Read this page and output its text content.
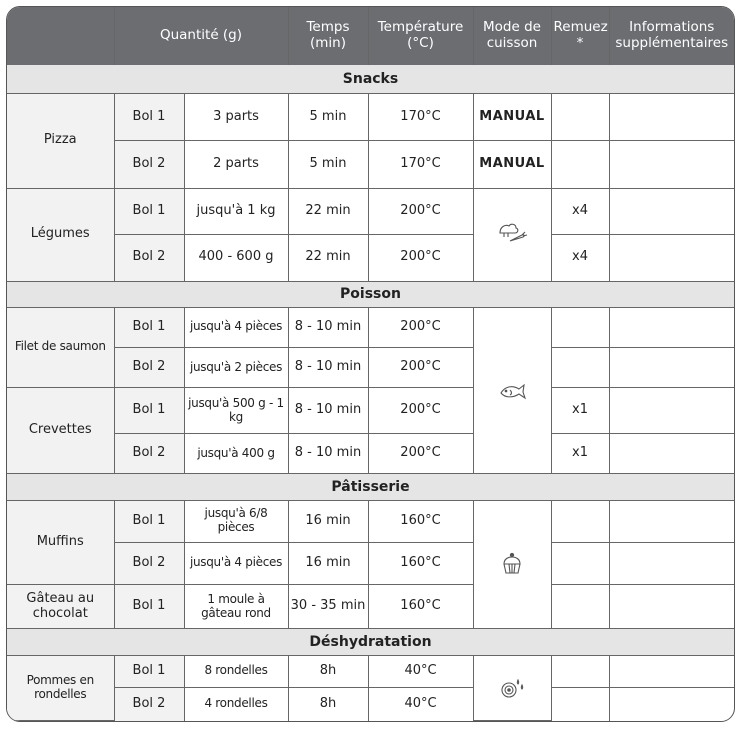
	Quantité (g)		Temps (min)	Température (°C)	Mode de cuisson	Remuez *	Informations supplémentaires
Snacks							
Pizza	Bol 1	3 parts	5 min	170°C	MANUAL		
	Bol 2	2 parts	5 min	170°C	MANUAL		
Légumes	Bol 1	jusqu'à 1 kg	22 min	200°C		x4	
	Bol 2	400 - 600 g	22 min	200°C		x4	
Poisson							
Filet de saumon	Bol 1	jusqu'à 4 pièces	8 - 10 min	200°C	

	Bol 2	jusqu'à 2 pièces	8 - 10 min	200°C			
Crevettes	Bol 1	jusqu'à 500 g - 1 kg	8 - 10 min	200°C		x1	
	Bol 2	jusqu'à 400 g	8 - 10 min	200°C		x1	
Pâtisserie							
Muffins	Bol 1	jusqu'à 6/8 pièces	16 min	160°C	

	Bol 2	jusqu'à 4 pièces	16 min	160°C			
Gâteau au chocolat	Bol 1	1 moule à gâteau rond	30 - 35 min	160°C			
Déshydratation							
Pommes en rondelles	Bol 1	8 rondelles	8h	40°C	

	Bol 2	4 rondelles	8h	40°C			
